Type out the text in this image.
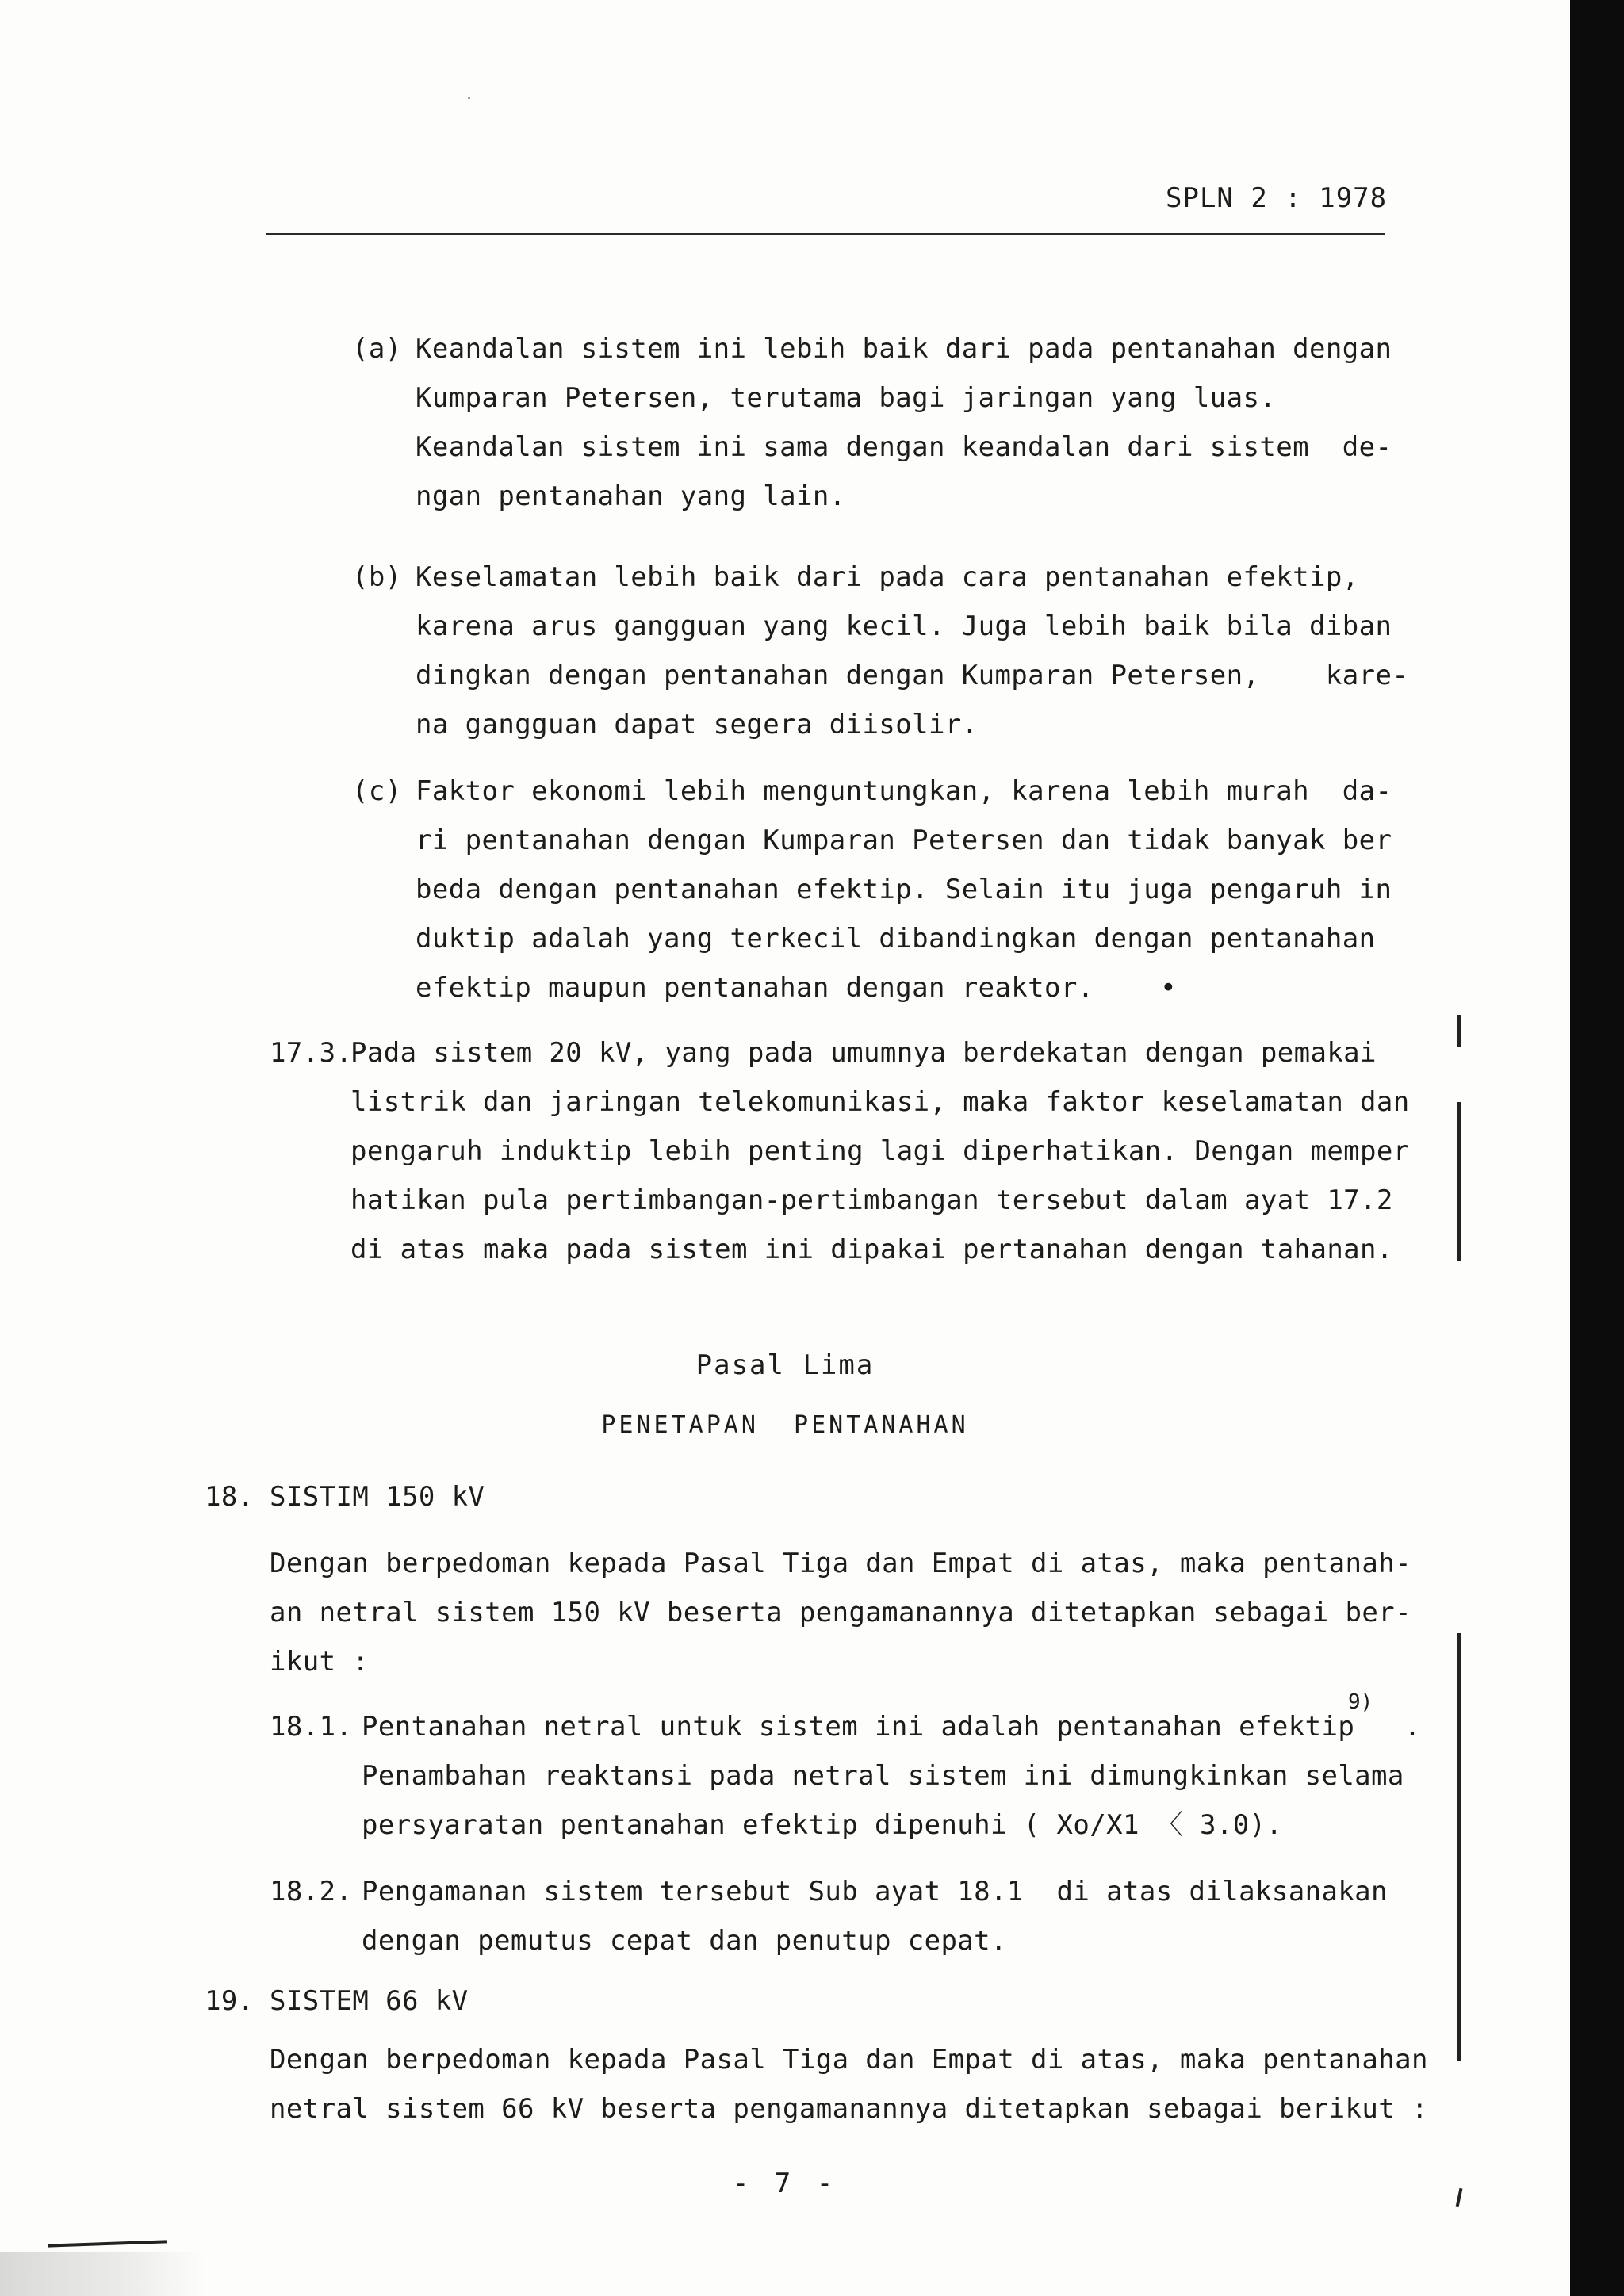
SPLN 2 : 1978
(a) Keandalan sistem ini lebih baik dari pada pentanahan dengan
Kumparan Petersen, terutama bagi jaringan yang luas.
Keandalan sistem ini sama dengan keandalan dari sistem  de-
ngan pentanahan yang lain.
(b) Keselamatan lebih baik dari pada cara pentanahan efektip,
karena arus gangguan yang kecil. Juga lebih baik bila diban
dingkan dengan pentanahan dengan Kumparan Petersen,    kare-
na gangguan dapat segera diisolir.
(c) Faktor ekonomi lebih menguntungkan, karena lebih murah  da-
ri pentanahan dengan Kumparan Petersen dan tidak banyak ber
beda dengan pentanahan efektip. Selain itu juga pengaruh in
duktip adalah yang terkecil dibandingkan dengan pentanahan
efektip maupun pentanahan dengan reaktor.    •
17.3.
Pada sistem 20 kV, yang pada umumnya berdekatan dengan pemakai
listrik dan jaringan telekomunikasi, maka faktor keselamatan dan
pengaruh induktip lebih penting lagi diperhatikan. Dengan memper
hatikan pula pertimbangan-pertimbangan tersebut dalam ayat 17.2
di atas maka pada sistem ini dipakai pertanahan dengan tahanan.
Pasal Lima
PENETAPAN  PENTANAHAN
18. SISTIM 150 kV
Dengan berpedoman kepada Pasal Tiga dan Empat di atas, maka pentanah-
an netral sistem 150 kV beserta pengamanannya ditetapkan sebagai ber-
ikut :
18.1. Pentanahan netral untuk sistem ini adalah pentanahan efektip   .
9)
Penambahan reaktansi pada netral sistem ini dimungkinkan selama
persyaratan pentanahan efektip dipenuhi ( Xo/X1 〈 3.0).
18.2. Pengamanan sistem tersebut Sub ayat 18.1  di atas dilaksanakan
dengan pemutus cepat dan penutup cepat.
19. SISTEM 66 kV
Dengan berpedoman kepada Pasal Tiga dan Empat di atas, maka pentanahan
netral sistem 66 kV beserta pengamanannya ditetapkan sebagai berikut :
- 7 -
